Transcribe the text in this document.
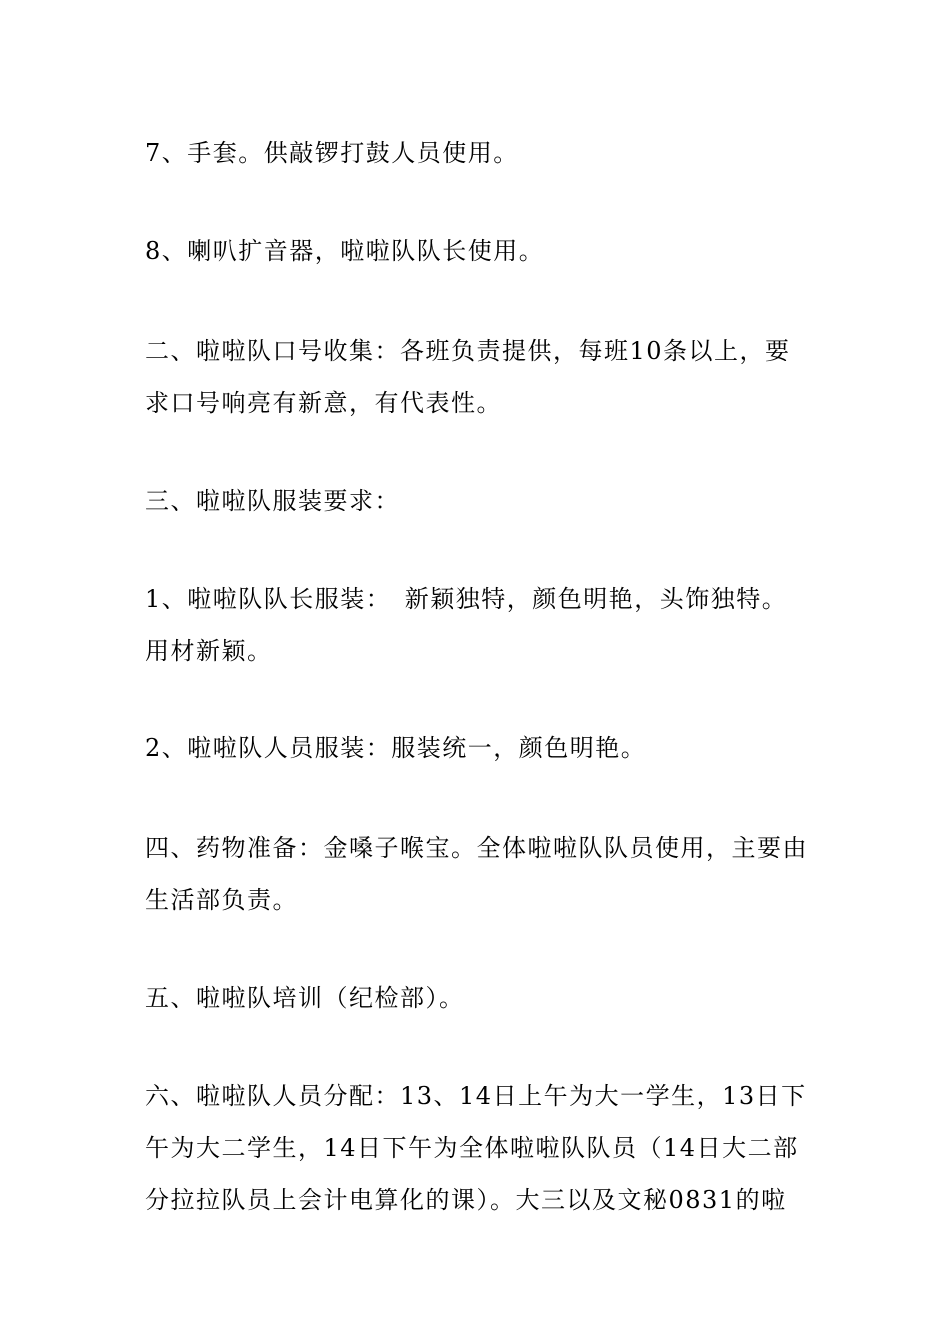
7、手套。供敲锣打鼓人员使用。

8、喇叭扩音器，啦啦队队长使用。

二、啦啦队口号收集：各班负责提供，每班10条以上，要求口号响亮有新意，有代表性。

三、啦啦队服装要求：

1、啦啦队队长服装：　新颖独特，颜色明艳，头饰独特。用材新颖。

2、啦啦队人员服装：服装统一，颜色明艳。

四、药物准备：金嗓子喉宝。全体啦啦队队员使用，主要由生活部负责。

五、啦啦队培训（纪检部）。

六、啦啦队人员分配：13、14日上午为大一学生，13日下午为大二学生，14日下午为全体啦啦队队员（14日大二部分拉拉队员上会计电算化的课）。大三以及文秘0831的啦
